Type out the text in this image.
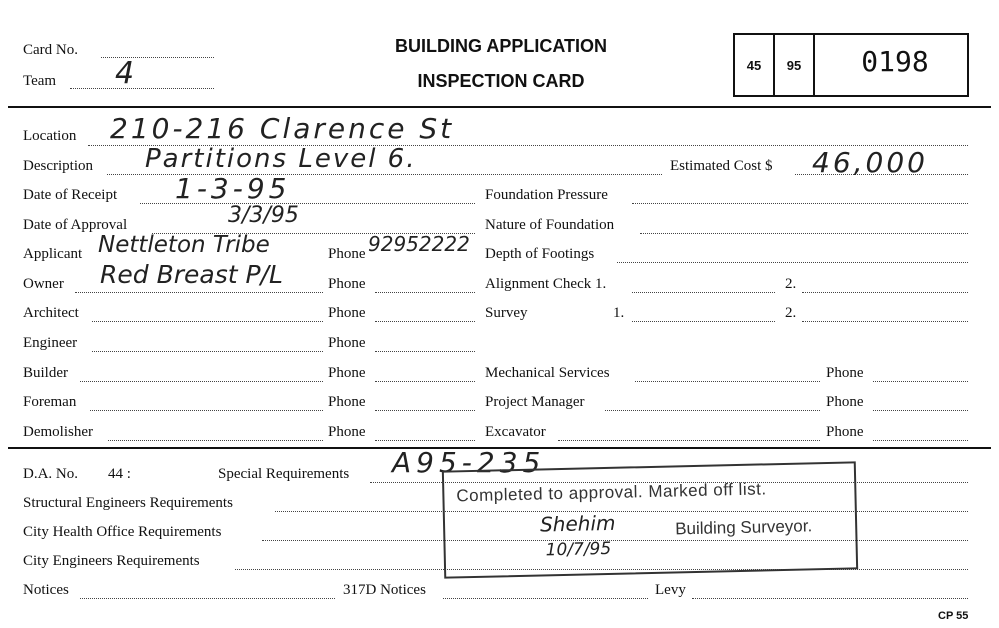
Card No.
Team 4
BUILDING APPLICATION
INSPECTION CARD
45	95	0198
Location 210-216 Clarence St
Description Partitions Level 6.	Estimated Cost $ 46,000
Date of Receipt 1-3-95	Foundation Pressure
Date of Approval	3/3/95	Nature of Foundation
Applicant Nettleton Tribe	Phone 92952222 Depth of Footings
Owner Red Breast P/L	Phone	Alignment Check 1.	2.
Architect	Phone	Survey	1.	2.
Engineer	Phone
Builder	Phone	Mechanical Services	Phone
Foreman	Phone	Project Manager	Phone
Demolisher	Phone	Excavator	Phone
D.A. No. 44 :	Special Requirements A95-235
Structural Engineers Requirements
City Health Office Requirements
City Engineers Requirements
Notices	317D Notices	Levy
Completed to approval. Marked off list.
Shehim	Building Surveyor.
10/7/95
CP 55
